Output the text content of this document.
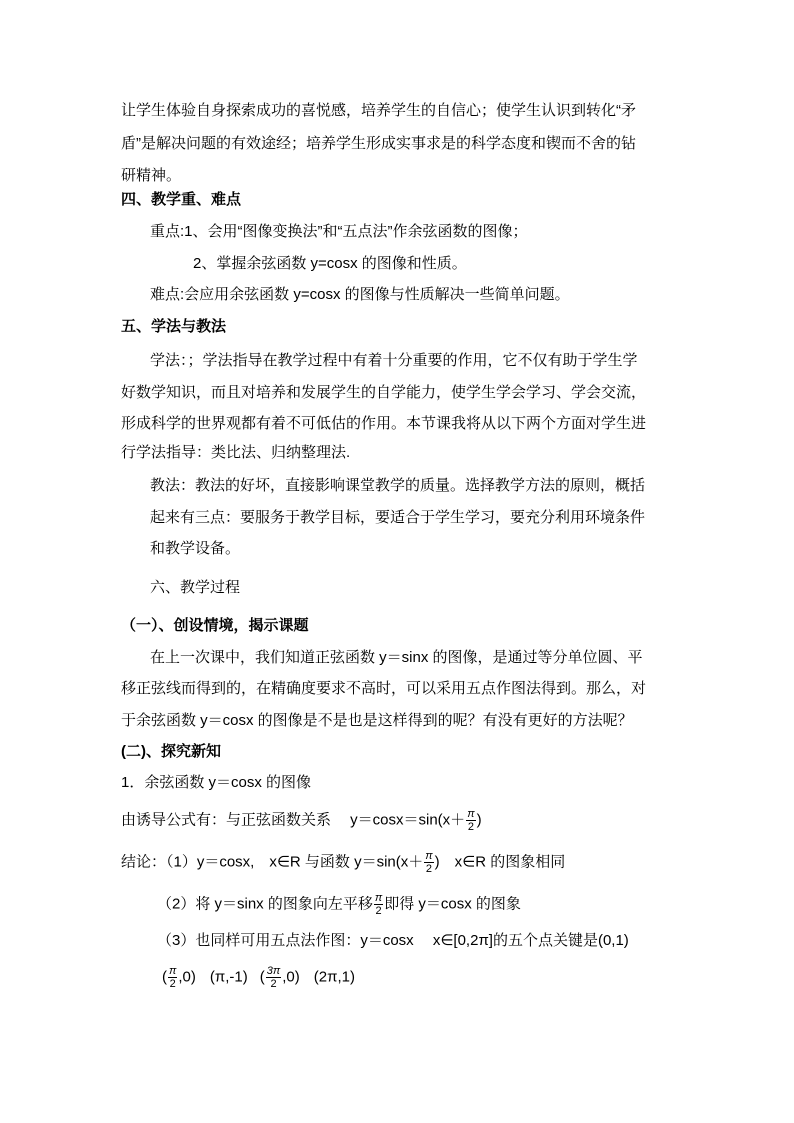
让学生体验自身探索成功的喜悦感，培养学生的自信心；使学生认识到转化“矛
盾”是解决问题的有效途经；培养学生形成实事求是的科学态度和锲而不舍的钻
研精神。
四、教学重、难点
重点:1、会用“图像变换法”和“五点法”作余弦函数的图像；
2、掌握余弦函数 y=cosx 的图像和性质。
难点:会应用余弦函数 y=cosx 的图像与性质解决一些简单问题。
五、学法与教法
学法：；学法指导在教学过程中有着十分重要的作用，它不仅有助于学生学
好数学知识，而且对培养和发展学生的自学能力，使学生学会学习、学会交流，
形成科学的世界观都有着不可低估的作用。本节课我将从以下两个方面对学生进
行学法指导：类比法、归纳整理法.
教法：教法的好坏，直接影响课堂教学的质量。选择教学方法的原则，概括
起来有三点：要服务于教学目标，要适合于学生学习，要充分利用环境条件
和教学设备。
六、教学过程
（一）、创设情境，揭示课题
在上一次课中，我们知道正弦函数 y＝sinx 的图像，是通过等分单位圆、平
移正弦线而得到的，在精确度要求不高时，可以采用五点作图法得到。那么，对
于余弦函数 y＝cosx 的图像是不是也是这样得到的呢？有没有更好的方法呢？
(二)、探究新知
1．余弦函数 y＝cosx 的图像
由诱导公式有：与正弦函数关系　 $y=\cos x=\sin(x+ \frac{\pi}{2}$ )
结论：（1）y＝cosx,　x∈R 与函数 $y=\sin(x+ \frac{\pi}{2}$ )　x∈R 的图象相同
（2）将 y＝sinx 的图象向左平移 $\frac{\pi}{2}$ 即得 y＝cosx 的图象
（3）也同样可用五点法作图：y＝cosx　 x∈[0,2π]的五个点关键是(0,1)
( $\frac{\pi}{2} ,0$) (π,-1) ( $\frac{3\pi}{2} ,0$) (2π,1)
